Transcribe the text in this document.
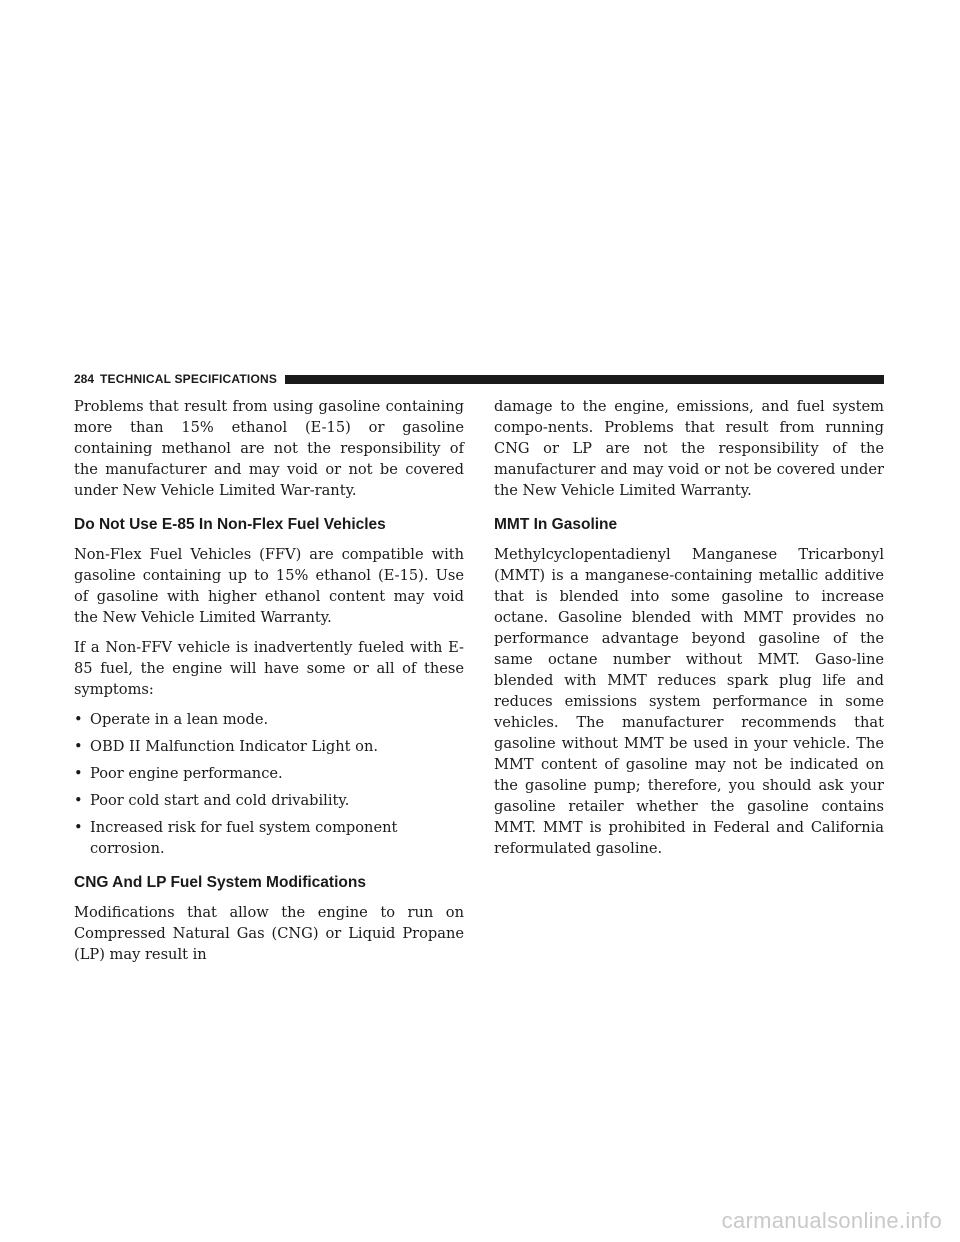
284 TECHNICAL SPECIFICATIONS

Problems that result from using gasoline containing more than 15% ethanol (E-15) or gasoline containing methanol are not the responsibility of the manufacturer and may void or not be covered under New Vehicle Limited War-ranty.

Do Not Use E-85 In Non-Flex Fuel Vehicles

Non-Flex Fuel Vehicles (FFV) are compatible with gasoline containing up to 15% ethanol (E-15). Use of gasoline with higher ethanol content may void the New Vehicle Limited Warranty.

If a Non-FFV vehicle is inadvertently fueled with E-85 fuel, the engine will have some or all of these symptoms:

• Operate in a lean mode.
• OBD II Malfunction Indicator Light on.
• Poor engine performance.
• Poor cold start and cold drivability.
• Increased risk for fuel system component corrosion.
CNG And LP Fuel System Modifications

Modifications that allow the engine to run on Compressed Natural Gas (CNG) or Liquid Propane (LP) may result in

damage to the engine, emissions, and fuel system compo-nents. Problems that result from running CNG or LP are not the responsibility of the manufacturer and may void or not be covered under the New Vehicle Limited Warranty.

MMT In Gasoline

Methylcyclopentadienyl Manganese Tricarbonyl (MMT) is a manganese-containing metallic additive that is blended into some gasoline to increase octane. Gasoline blended with MMT provides no performance advantage beyond gasoline of the same octane number without MMT. Gaso-line blended with MMT reduces spark plug life and reduces emissions system performance in some vehicles. The manufacturer recommends that gasoline without MMT be used in your vehicle. The MMT content of gasoline may not be indicated on the gasoline pump; therefore, you should ask your gasoline retailer whether the gasoline contains MMT. MMT is prohibited in Federal and California reformulated gasoline.

carmanualsonline.info
